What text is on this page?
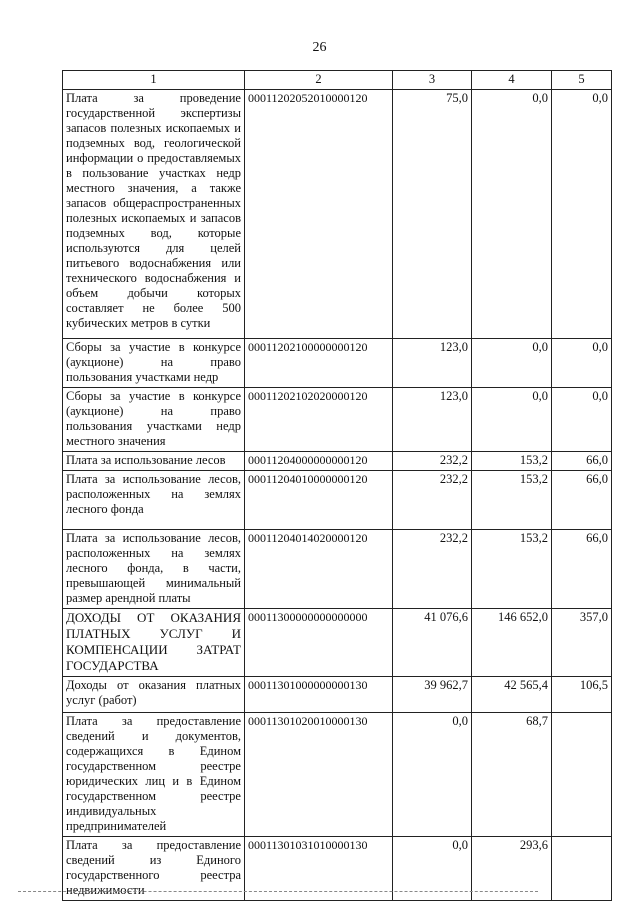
26
1	2	3	4	5
Плата за проведение государственной экспертизы запасов полезных ископаемых и подземных вод, геологической информации о предоставляемых в пользование участках недр местного значения, а также запасов общераспространенных полезных ископаемых и запасов подземных вод, которые используются для целей питьевого водоснабжения или технического водоснабжения и объем добычи которых составляет не более 500 кубических метров в сутки	00011202052010000120	75,0	0,0	0,0
Сборы за участие в конкурсе (аукционе) на право пользования участками недр	00011202100000000120	123,0	0,0	0,0
Сборы за участие в конкурсе (аукционе) на право пользования участками недр местного значения	00011202102020000120	123,0	0,0	0,0
Плата за использование лесов	00011204000000000120	232,2	153,2	66,0
Плата за использование лесов, расположенных на землях лесного фонда	00011204010000000120	232,2	153,2	66,0
Плата за использование лесов, расположенных на землях лесного фонда, в части, превышающей минимальный размер арендной платы	00011204014020000120	232,2	153,2	66,0
ДОХОДЫ ОТ ОКАЗАНИЯ ПЛАТНЫХ УСЛУГ И КОМПЕНСАЦИИ ЗАТРАТ ГОСУДАРСТВА	00011300000000000000	41 076,6	146 652,0	357,0
Доходы от оказания платных услуг (работ)	00011301000000000130	39 962,7	42 565,4	106,5
Плата за предоставление сведений и документов, содержащихся в Едином государственном реестре юридических лиц и в Едином государственном реестре индивидуальных предпринимателей	00011301020010000130	0,0	68,7	
Плата за предоставление сведений из Единого государственного реестра недвижимости	00011301031010000130	0,0	293,6	
